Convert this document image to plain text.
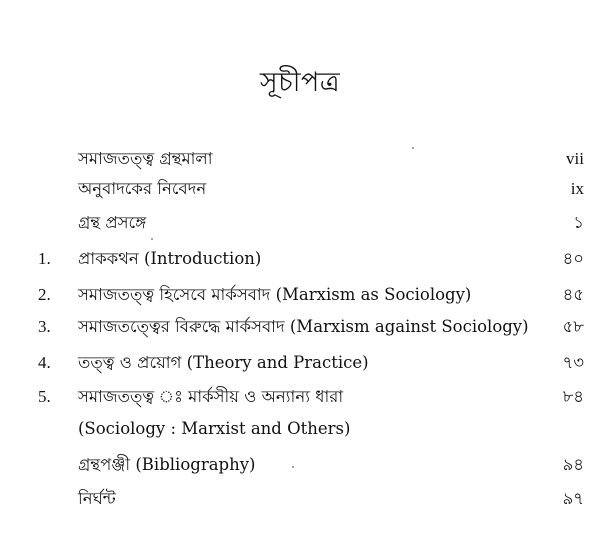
সূচীপত্র
সমাজতত্ত্ব গ্রন্থমালা	vii
অনুবাদকের নিবেদন	ix
গ্রন্থ প্রসঙ্গে	১
1.	প্রাককথন (Introduction)	৪০
2.	সমাজতত্ত্ব হিসেবে মার্কসবাদ (Marxism as Sociology)	৪৫
3.	সমাজতত্ত্বের বিরুদ্ধে মার্কসবাদ (Marxism against Sociology)	৫৮
4.	তত্ত্ব ও প্রয়োগ (Theory and Practice)	৭৩
5.	সমাজতত্ত্ব ঃ মার্কসীয় ও অন্যান্য ধারা	৮৪
(Sociology : Marxist and Others)
গ্রন্থপঞ্জী (Bibliography)	৯৪
নির্ঘন্ট	৯৭
